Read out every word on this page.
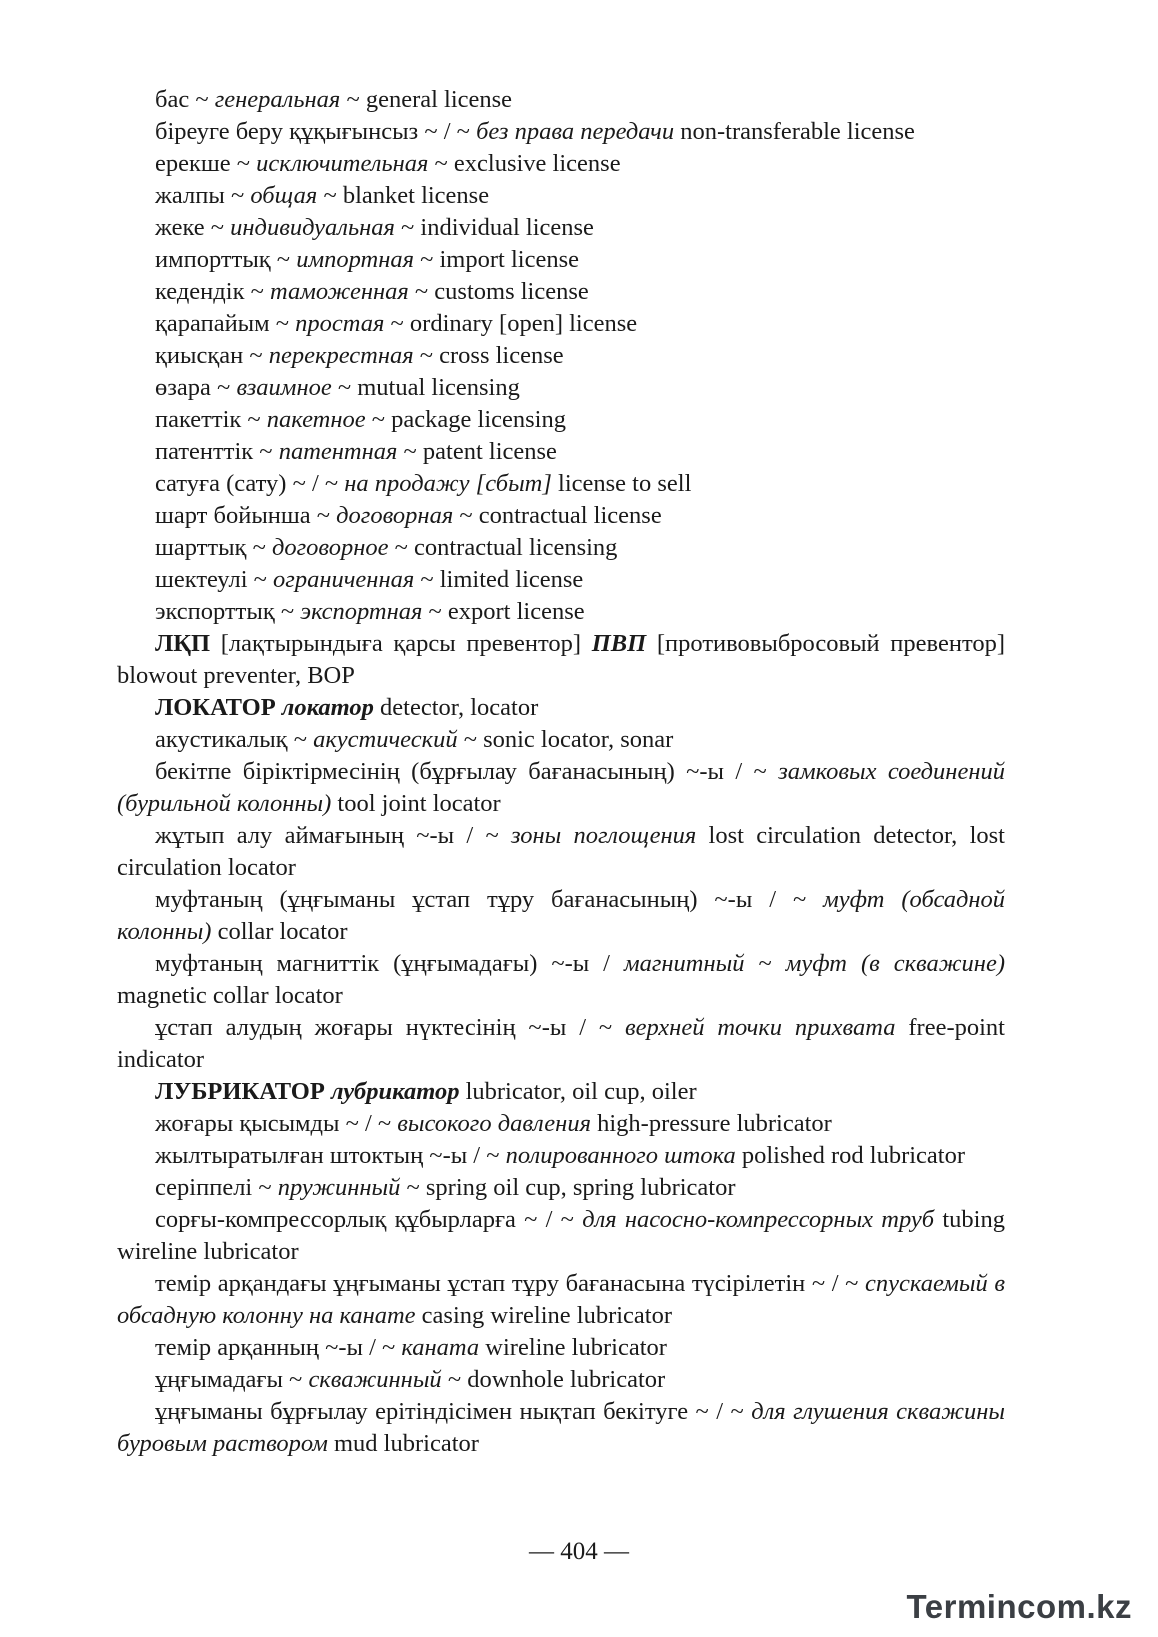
бас ~ генеральная ~ general license

біреуге беру құқығынсыз ~ / ~ без права передачи non-transferable license

ерекше ~ исключительная ~ exclusive license

жалпы ~ общая ~ blanket license

жеке ~ индивидуальная ~ individual license

импорттық ~ импортная ~ import license

кедендік ~ таможенная ~ customs license

қарапайым ~ простая ~ ordinary [open] license

қиысқан ~ перекрестная ~ cross license

өзара ~ взаимное ~ mutual licensing

пакеттік ~ пакетное ~ package licensing

патенттік ~ патентная ~ patent license

сатуға (сату) ~ / ~ на продажу [сбыт] license to sell

шарт бойынша ~ договорная ~ contractual license

шарттық ~ договорное ~ contractual licensing

шектеулі ~ ограниченная ~ limited license

экспорттық ~ экспортная ~ export license

ЛҚП [лақтырындыға қарсы превентор] ПВП [противовыбросовый превентор] blowout preventer, BOP

ЛОКАТОР локатор detector, locator

акустикалық ~ акустический ~ sonic locator, sonar

бекітпе біріктірмесінің (бұрғылау бағанасының) ~-ы / ~ замковых соединений (бурильной колонны) tool joint locator

жұтып алу аймағының ~-ы / ~ зоны поглощения lost circulation detector, lost circulation locator

муфтаның (ұңғыманы ұстап тұру бағанасының) ~-ы / ~ муфт (обсадной колонны) collar locator

муфтаның магниттік (ұңғымадағы) ~-ы / магнитный ~ муфт (в скважине) magnetic collar locator

ұстап алудың жоғары нүктесінің ~-ы / ~ верхней точки прихвата free-point indicator

ЛУБРИКАТОР лубрикатор lubricator, oil cup, oiler

жоғары қысымды ~ / ~ высокого давления high-pressure lubricator

жылтыратылған штоктың ~-ы / ~ полированного штока polished rod lubricator

серіппелі ~ пружинный ~ spring oil cup, spring lubricator

сорғы-компрессорлық құбырларға ~ / ~ для насосно-компрессорных труб tubing wireline lubricator

темір арқандағы ұңғыманы ұстап тұру бағанасына түсірілетін ~ / ~ спускаемый в обсадную колонну на канате casing wireline lubricator

темір арқанның ~-ы / ~ каната wireline lubricator

ұңғымадағы ~ скважинный ~ downhole lubricator

ұңғыманы бұрғылау ерітіндісімен нықтап бекітуге ~ / ~ для глушения скважины буровым раствором mud lubricator

— 404 —
Termincom.kz
